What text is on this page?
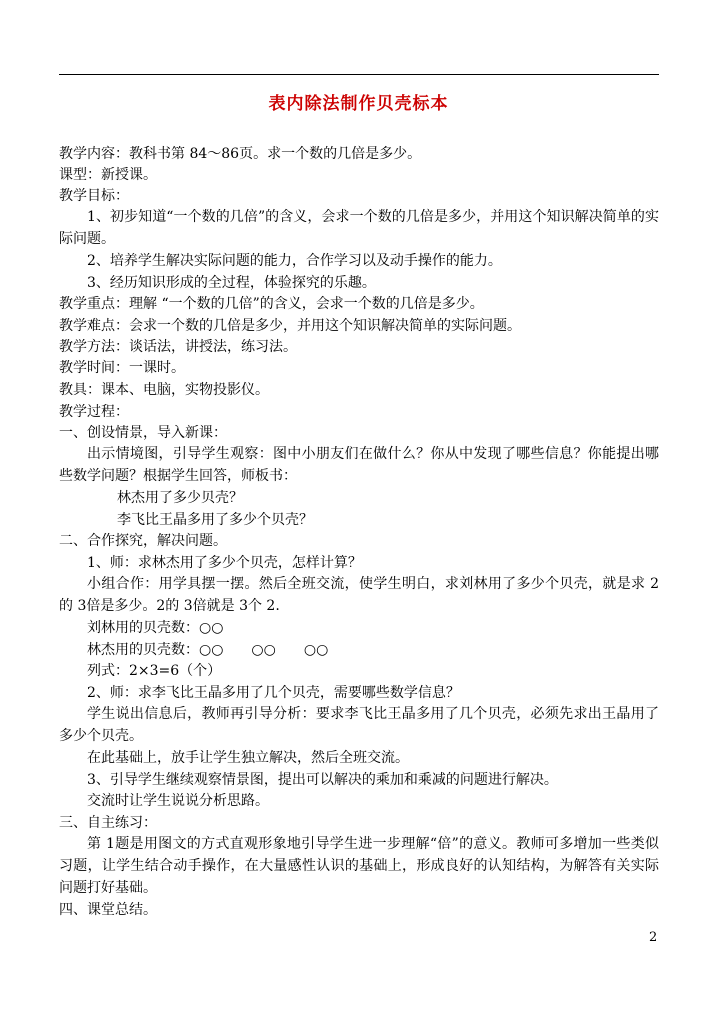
表内除法制作贝壳标本
教学内容：教科书第 84～86页。求一个数的几倍是多少。
课型：新授课。
教学目标：
1、初步知道“一个数的几倍”的含义，会求一个数的几倍是多少，并用这个知识解决简单的实际问题。
2、培养学生解决实际问题的能力，合作学习以及动手操作的能力。
3、经历知识形成的全过程，体验探究的乐趣。
教学重点：理解 “一个数的几倍”的含义，会求一个数的几倍是多少。
教学难点：会求一个数的几倍是多少，并用这个知识解决简单的实际问题。
教学方法：谈话法，讲授法，练习法。
教学时间：一课时。
教具：课本、电脑，实物投影仪。
教学过程：
一、创设情景，导入新课：
出示情境图，引导学生观察：图中小朋友们在做什么？你从中发现了哪些信息？你能提出哪些数学问题？根据学生回答，师板书：
林杰用了多少贝壳？
李飞比王晶多用了多少个贝壳？
二、合作探究，解决问题。
1、师：求林杰用了多少个贝壳，怎样计算？
小组合作：用学具摆一摆。然后全班交流，使学生明白，求刘林用了多少个贝壳，就是求 2的 3倍是多少。2的 3倍就是 3个 2.
刘林用的贝壳数：○○
林杰用的贝壳数：○○　　○○　　○○
列式：2×3=6（个）
2、师：求李飞比王晶多用了几个贝壳，需要哪些数学信息？
学生说出信息后，教师再引导分析：要求李飞比王晶多用了几个贝壳，必须先求出王晶用了多少个贝壳。
在此基础上，放手让学生独立解决，然后全班交流。
3、引导学生继续观察情景图，提出可以解决的乘加和乘减的问题进行解决。
交流时让学生说说分析思路。
三、自主练习：
第 1题是用图文的方式直观形象地引导学生进一步理解“倍”的意义。教师可多增加一些类似习题，让学生结合动手操作，在大量感性认识的基础上，形成良好的认知结构，为解答有关实际问题打好基础。
四、课堂总结。
2
